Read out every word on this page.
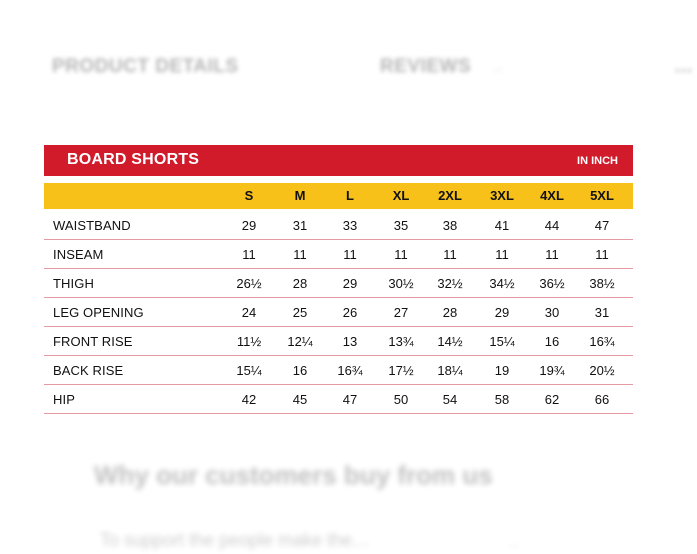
PRODUCT DETAILS	REVIEWS …	…
BOARD SHORTS	IN INCH
S	M	L	XL 2XL 3XL 4XL 5XL
WAISTBAND	29	31	33	35	38	41	44	47
INSEAM	11	11	11	11	11	11	11	11
THIGH	26½ 28	29 30½ 32½ 34½ 36½ 38½
LEG OPENING	24	25	26	27	28	29	30	31
FRONT RISE	11½ 12¼ 13 13¾ 14½ 15¼ 16 16¾
BACK RISE	15¼ 16 16¾ 17½ 18¼ 19 19¾ 20½
HIP	42	45	47	50	54	58	62	66
Why our customers buy from us
To support the people make the…	…
